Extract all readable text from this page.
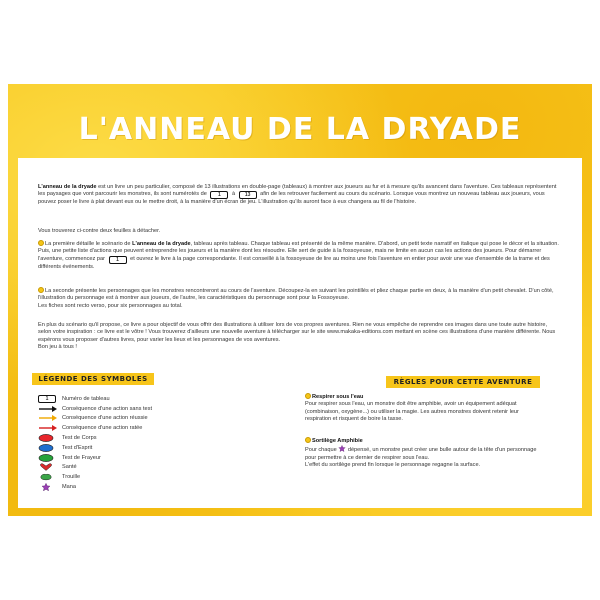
L'ANNEAU DE LA DRYADE
L'anneau de la dryade est un livre un peu particulier, composé de 13 illustrations en double-page (tableaux) à montrer aux joueurs au fur et à mesure qu'ils avancent dans l'aventure. Ces tableaux représentent les paysages que vont parcourir les monstres, ils sont numérotés de 1 à 13 afin de les retrouver facilement au cours du scénario. Lorsque vous montrez un nouveau tableau aux joueurs, vous pouvez poser le livre à plat devant eux ou le mettre droit, à la manière d'un écran de jeu. L'illustration qu'ils auront face à eux changera au fil de l'histoire.
Vous trouverez ci-contre deux feuilles à détacher.
La première détaille le scénario de L'anneau de la dryade, tableau après tableau. Chaque tableau est présenté de la même manière. D'abord, un petit texte narratif en italique qui pose le décor et la situation. Puis, une petite liste d'actions que peuvent entreprendre les joueurs et la manière dont les résoudre. Elle sert de guide à la fossoyeuse, mais ne limite en aucun cas les actions des joueurs. Pour démarrer l'aventure, commencez par 1 et ouvrez le livre à la page correspondante. Il est conseillé à la fossoyeuse de lire au moins une fois l'aventure en entier pour avoir une vue d'ensemble de la trame et des différents événements.
La seconde présente les personnages que les monstres rencontreront au cours de l'aventure. Découpez-la en suivant les pointillés et pliez chaque partie en deux, à la manière d'un petit chevalet. D'un côté, l'illustration du personnage est à montrer aux joueurs, de l'autre, les caractéristiques du personnage sont pour la Fossoyeuse.
Les fiches sont recto verso, pour six personnages au total.
En plus du scénario qu'il propose, ce livre a pour objectif de vous offrir des illustrations à utiliser lors de vos propres aventures. Rien ne vous empêche de reprendre ces images dans une toute autre histoire, selon votre inspiration : ce livre est le vôtre ! Vous trouverez d'ailleurs une nouvelle aventure à télécharger sur le site www.makaka-editions.com mettant en scène ces illustrations d'une manière différente. Nous espérons vous proposer d'autres livres, pour varier les lieux et les personnages de vos aventures.
Bon jeu à tous !
LÉGENDE DES SYMBOLES	RÈGLES POUR CETTE AVENTURE
1	Numéro de tableau
Conséquence d'une action sans test
Conséquence d'une action réussie
Conséquence d'une action ratée
Test de Corps
Test d'Esprit
Test de Frayeur
Santé
Trouille
Mana
Respirer sous l'eau
Pour respirer sous l'eau, un monstre doit être amphibie, avoir un équipement adéquat (combinaison, oxygène...) ou utiliser la magie. Les autres monstres doivent retenir leur respiration et risquent de boire la tasse.
Sortilège Amphibie
Pour chaque  dépensé, un monstre peut créer une bulle autour de la tête d'un personnage pour permettre à ce dernier de respirer sous l'eau.
L'effet du sortilège prend fin lorsque le personnage regagne la surface.
